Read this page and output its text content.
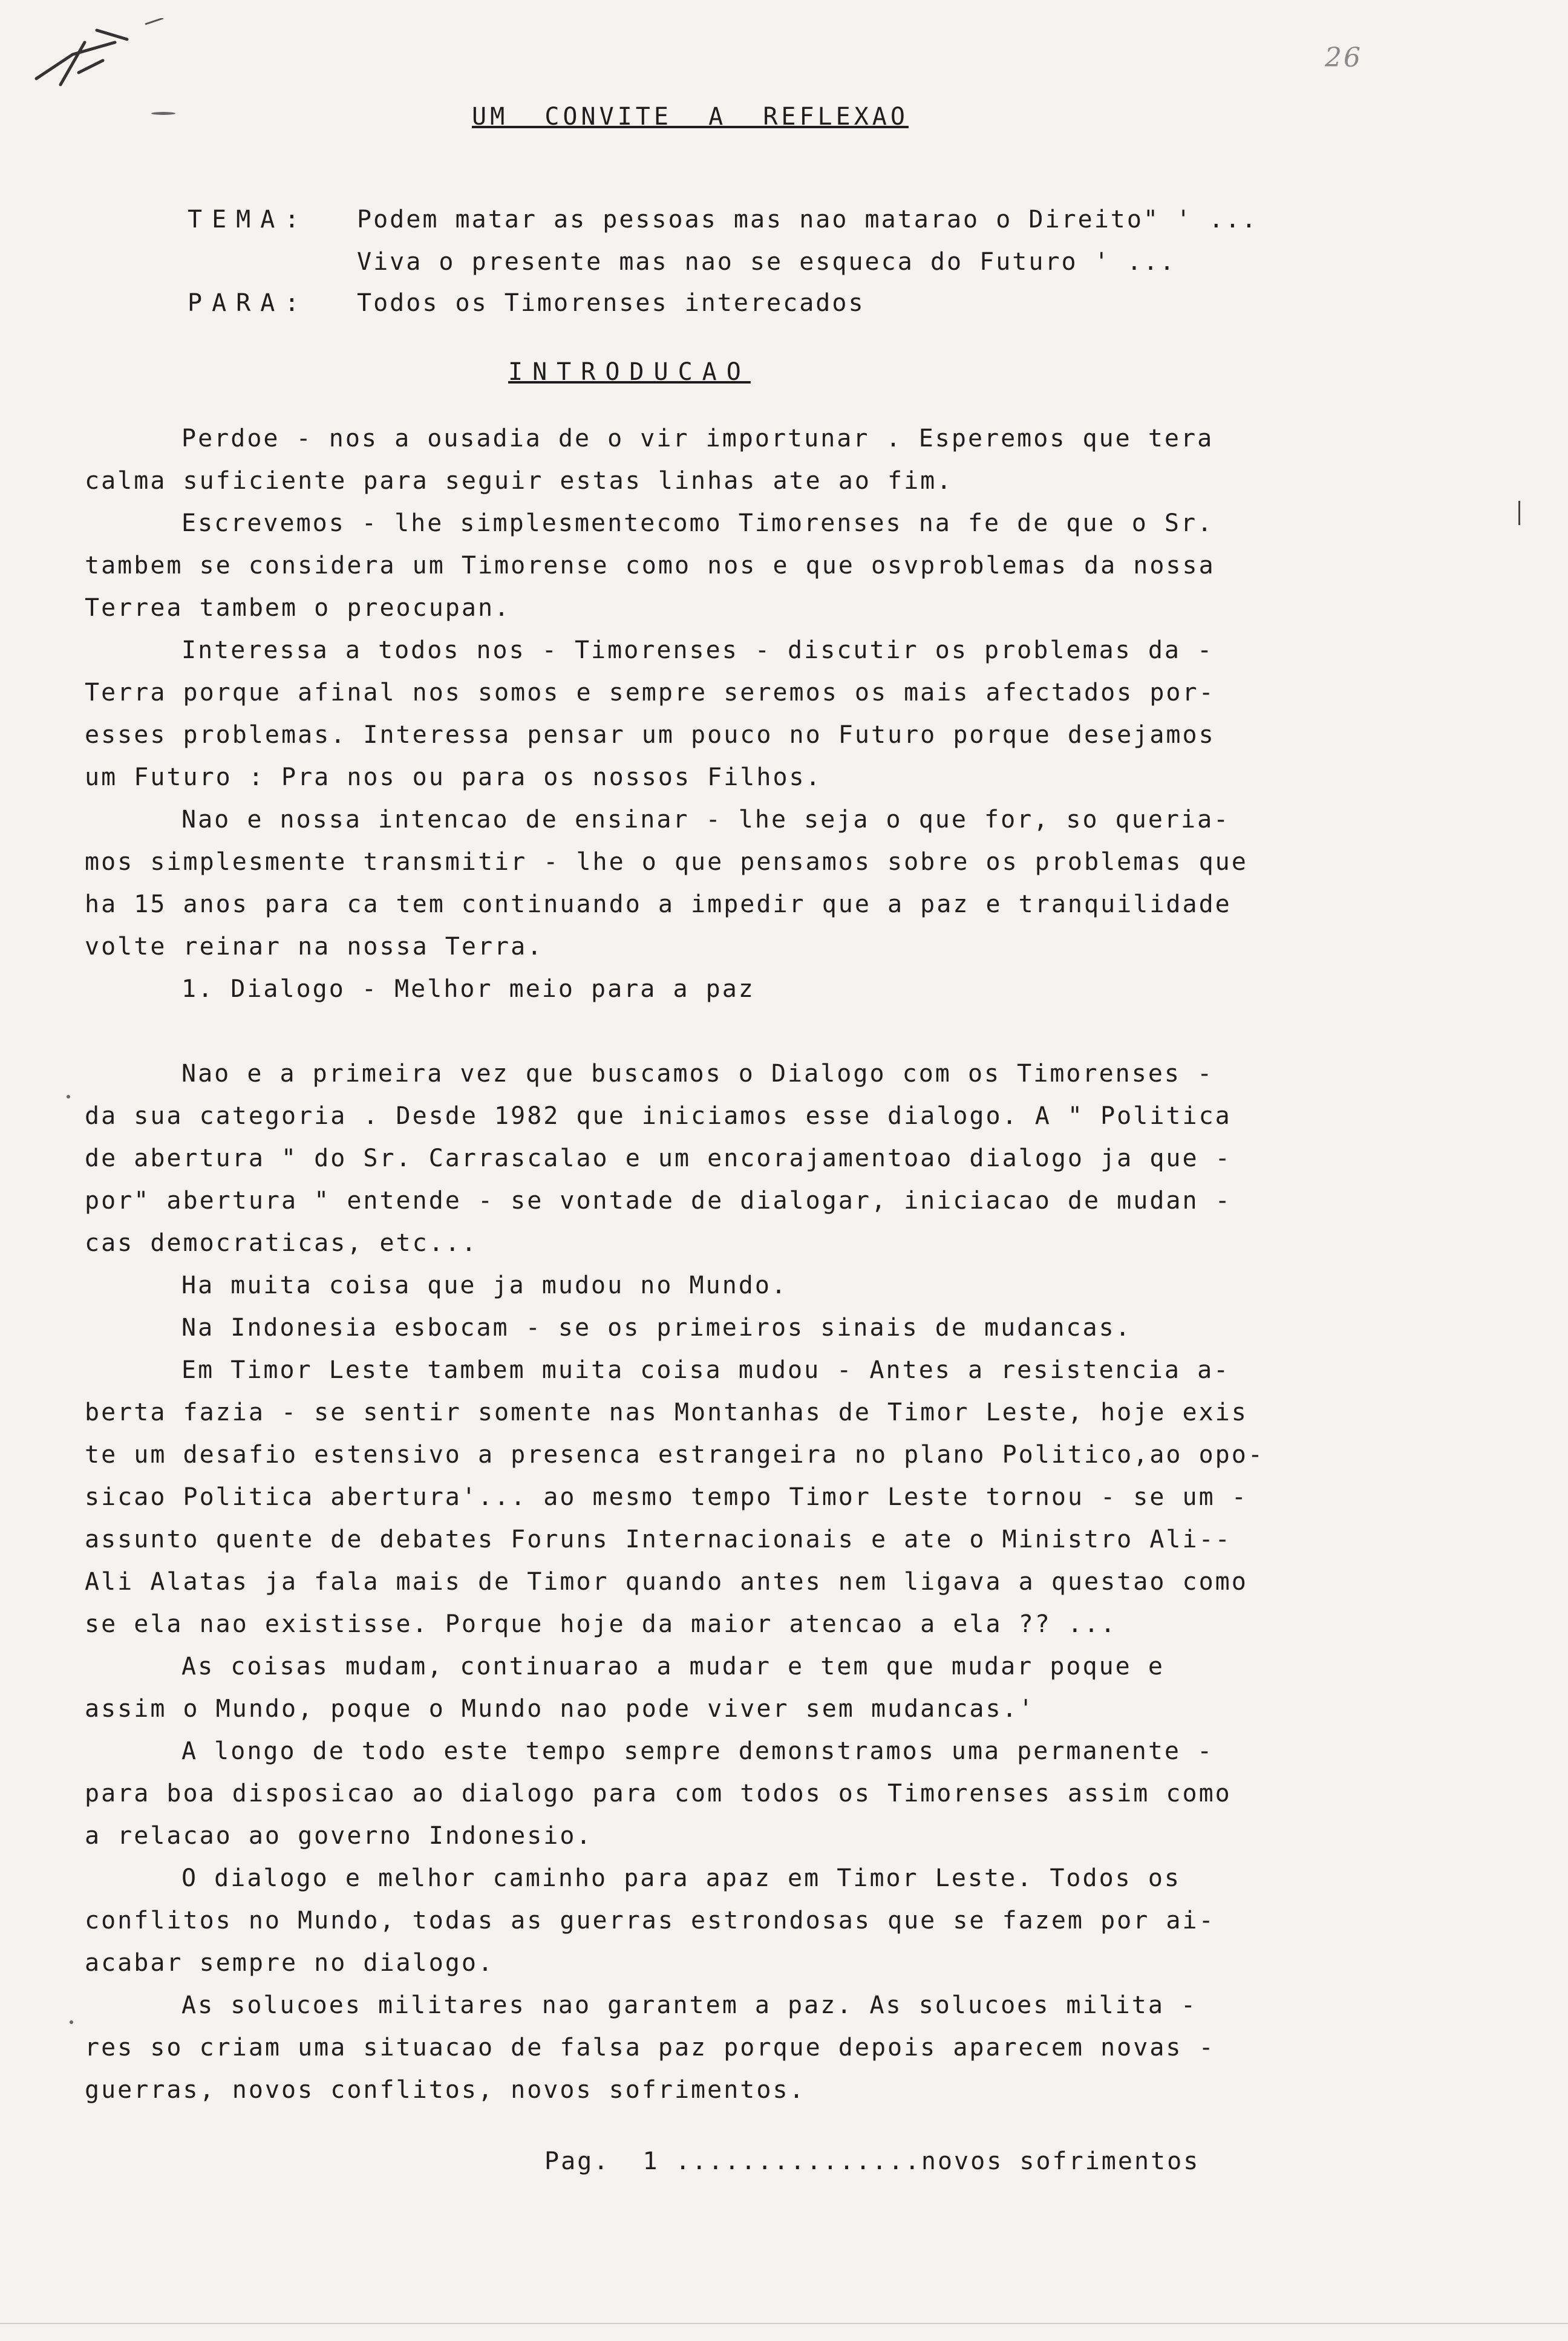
26
UM  CONVITE  A  REFLEXAO
TEMA: Podem matar as pessoas mas nao matarao o Direito" ' ...
Viva o presente mas nao se esqueca do Futuro ' ...
PARA: Todos os Timorenses interecados
INTRODUCAO
Perdoe - nos a ousadia de o vir importunar . Esperemos que tera
calma suficiente para seguir estas linhas ate ao fim.
Escrevemos - lhe simplesmentecomo Timorenses na fe de que o Sr.
tambem se considera um Timorense como nos e que osvproblemas da nossa
Terrea tambem o preocupan.
Interessa a todos nos - Timorenses - discutir os problemas da -
Terra porque afinal nos somos e sempre seremos os mais afectados por-
esses problemas. Interessa pensar um pouco no Futuro porque desejamos
um Futuro : Pra nos ou para os nossos Filhos.
Nao e nossa intencao de ensinar - lhe seja o que for, so queria-
mos simplesmente transmitir - lhe o que pensamos sobre os problemas que
ha 15 anos para ca tem continuando a impedir que a paz e tranquilidade
volte reinar na nossa Terra.
1. Dialogo - Melhor meio para a paz
Nao e a primeira vez que buscamos o Dialogo com os Timorenses -
da sua categoria . Desde 1982 que iniciamos esse dialogo. A " Politica
de abertura " do Sr. Carrascalao e um encorajamentoao dialogo ja que -
por" abertura " entende - se vontade de dialogar, iniciacao de mudan -
cas democraticas, etc...
Ha muita coisa que ja mudou no Mundo.
Na Indonesia esbocam - se os primeiros sinais de mudancas.
Em Timor Leste tambem muita coisa mudou - Antes a resistencia a-
berta fazia - se sentir somente nas Montanhas de Timor Leste, hoje exis
te um desafio estensivo a presenca estrangeira no plano Politico,ao opo-
sicao Politica abertura'... ao mesmo tempo Timor Leste tornou - se um -
assunto quente de debates Foruns Internacionais e ate o Ministro Ali--
Ali Alatas ja fala mais de Timor quando antes nem ligava a questao como
se ela nao existisse. Porque hoje da maior atencao a ela ?? ...
As coisas mudam, continuarao a mudar e tem que mudar poque e
assim o Mundo, poque o Mundo nao pode viver sem mudancas.'
A longo de todo este tempo sempre demonstramos uma permanente -
para boa disposicao ao dialogo para com todos os Timorenses assim como
a relacao ao governo Indonesio.
O dialogo e melhor caminho para apaz em Timor Leste. Todos os
conflitos no Mundo, todas as guerras estrondosas que se fazem por ai-
acabar sempre no dialogo.
As solucoes militares nao garantem a paz. As solucoes milita -
res so criam uma situacao de falsa paz porque depois aparecem novas -
guerras, novos conflitos, novos sofrimentos.
Pag.  1 ...............novos sofrimentos
